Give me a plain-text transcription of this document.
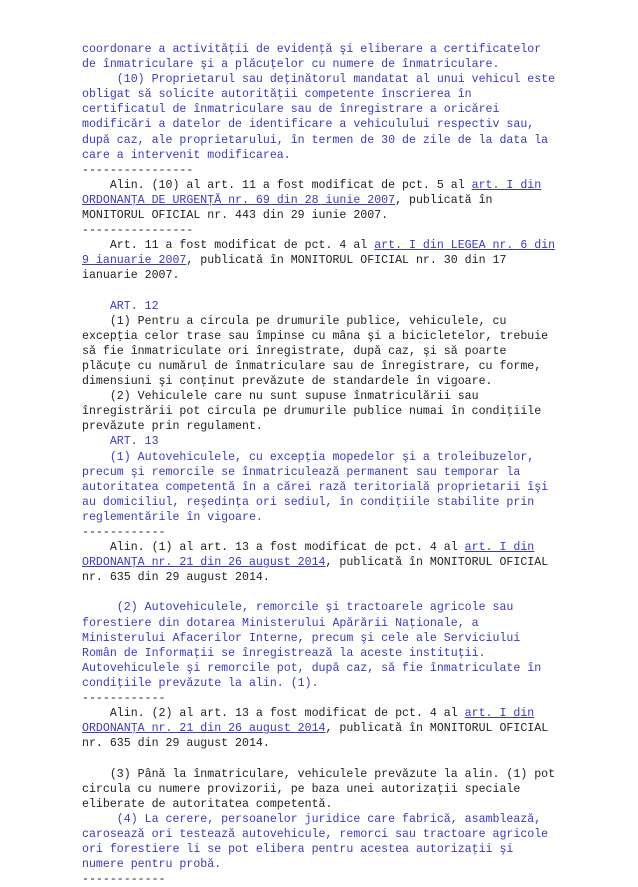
coordonare a activităţii de evidenţă şi eliberare a certificatelor
de înmatriculare şi a plăcuţelor cu numere de înmatriculare.
(10) Proprietarul sau deţinătorul mandatat al unui vehicul este
obligat să solicite autorităţii competente înscrierea în
certificatul de înmatriculare sau de înregistrare a oricărei
modificări a datelor de identificare a vehiculului respectiv sau,
după caz, ale proprietarului, în termen de 30 de zile de la data la
care a intervenit modificarea.
----------------
Alin. (10) al art. 11 a fost modificat de pct. 5 al art. I din
ORDONANŢA DE URGENŢĂ nr. 69 din 28 iunie 2007, publicată în
MONITORUL OFICIAL nr. 443 din 29 iunie 2007.
----------------
Art. 11 a fost modificat de pct. 4 al art. I din LEGEA nr. 6 din
9 ianuarie 2007, publicată în MONITORUL OFICIAL nr. 30 din 17
ianuarie 2007.
ART. 12
(1) Pentru a circula pe drumurile publice, vehiculele, cu
excepţia celor trase sau împinse cu mâna şi a bicicletelor, trebuie
să fie înmatriculate ori înregistrate, după caz, şi să poarte
plăcuţe cu numărul de înmatriculare sau de înregistrare, cu forme,
dimensiuni şi conţinut prevăzute de standardele în vigoare.
(2) Vehiculele care nu sunt supuse înmatriculării sau
înregistrării pot circula pe drumurile publice numai în condiţiile
prevăzute prin regulament.
ART. 13
(1) Autovehiculele, cu excepţia mopedelor şi a troleibuzelor,
precum şi remorcile se înmatriculează permanent sau temporar la
autoritatea competentă în a cărei rază teritorială proprietarii îşi
au domiciliul, reşedinţa ori sediul, în condiţiile stabilite prin
reglementările în vigoare.
------------
Alin. (1) al art. 13 a fost modificat de pct. 4 al art. I din
ORDONANŢA nr. 21 din 26 august 2014, publicată în MONITORUL OFICIAL
nr. 635 din 29 august 2014.
(2) Autovehiculele, remorcile şi tractoarele agricole sau
forestiere din dotarea Ministerului Apărării Naţionale, a
Ministerului Afacerilor Interne, precum şi cele ale Serviciului
Român de Informaţii se înregistrează la aceste instituţii.
Autovehiculele şi remorcile pot, după caz, să fie înmatriculate în
condiţiile prevăzute la alin. (1).
------------
Alin. (2) al art. 13 a fost modificat de pct. 4 al art. I din
ORDONANŢA nr. 21 din 26 august 2014, publicată în MONITORUL OFICIAL
nr. 635 din 29 august 2014.
(3) Până la înmatriculare, vehiculele prevăzute la alin. (1) pot
circula cu numere provizorii, pe baza unei autorizaţii speciale
eliberate de autoritatea competentă.
(4) La cerere, persoanelor juridice care fabrică, asamblează,
carosează ori testează autovehicule, remorci sau tractoare agricole
ori forestiere li se pot elibera pentru acestea autorizaţii şi
numere pentru probă.
------------
